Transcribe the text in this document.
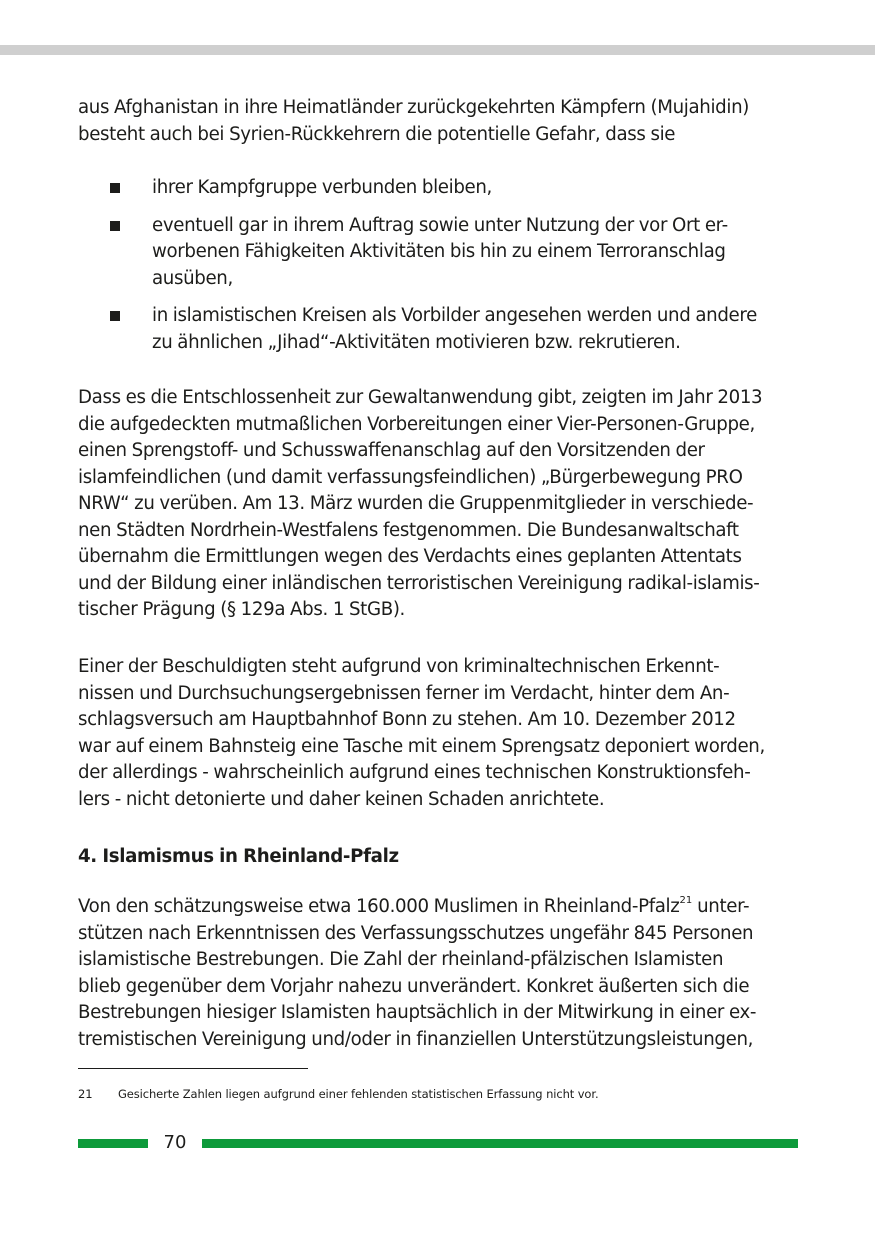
aus Afghanistan in ihre Heimatländer zurückgekehrten Kämpfern (Mujahidin)
besteht auch bei Syrien-Rückkehrern die potentielle Gefahr, dass sie
ihrer Kampfgruppe verbunden bleiben,
eventuell gar in ihrem Auftrag sowie unter Nutzung der vor Ort er-
worbenen Fähigkeiten Aktivitäten bis hin zu einem Terroranschlag
ausüben,
in islamistischen Kreisen als Vorbilder angesehen werden und andere
zu ähnlichen „Jihad“-Aktivitäten motivieren bzw. rekrutieren.
Dass es die Entschlossenheit zur Gewaltanwendung gibt, zeigten im Jahr 2013
die aufgedeckten mutmaßlichen Vorbereitungen einer Vier-Personen-Gruppe,
einen Sprengstoff- und Schusswaffenanschlag auf den Vorsitzenden der
islamfeindlichen (und damit verfassungsfeindlichen) „Bürgerbewegung PRO
NRW“ zu verüben. Am 13. März wurden die Gruppenmitglieder in verschiede-
nen Städten Nordrhein-Westfalens festgenommen. Die Bundesanwaltschaft
übernahm die Ermittlungen wegen des Verdachts eines geplanten Attentats
und der Bildung einer inländischen terroristischen Vereinigung radikal-islamis-
tischer Prägung (§ 129a Abs. 1 StGB).
Einer der Beschuldigten steht aufgrund von kriminaltechnischen Erkennt-
nissen und Durchsuchungsergebnissen ferner im Verdacht, hinter dem An-
schlagsversuch am Hauptbahnhof Bonn zu stehen. Am 10. Dezember 2012
war auf einem Bahnsteig eine Tasche mit einem Sprengsatz deponiert worden,
der allerdings - wahrscheinlich aufgrund eines technischen Konstruktionsfeh-
lers - nicht detonierte und daher keinen Schaden anrichtete.
4. Islamismus in Rheinland-Pfalz
Von den schätzungsweise etwa 160.000 Muslimen in Rheinland-Pfalz$^{21}$ unter-
stützen nach Erkenntnissen des Verfassungsschutzes ungefähr 845 Personen
islamistische Bestrebungen. Die Zahl der rheinland-pfälzischen Islamisten
blieb gegenüber dem Vorjahr nahezu unverändert. Konkret äußerten sich die
Bestrebungen hiesiger Islamisten hauptsächlich in der Mitwirkung in einer ex-
tremistischen Vereinigung und/oder in finanziellen Unterstützungsleistungen,
21 Gesicherte Zahlen liegen aufgrund einer fehlenden statistischen Erfassung nicht vor.
70
